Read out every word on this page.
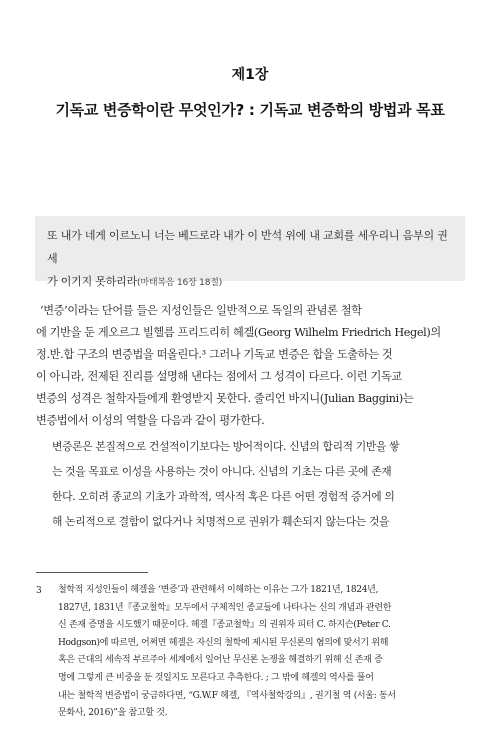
제1장
기독교 변증학이란 무엇인가? : 기독교 변증학의 방법과 목표

또 내가 네게 이르노니 너는 베드로라 내가 이 반석 위에 내 교회를 세우리니 음부의 권세

가 이기지 못하리라(마태복음 16장 18절)

‘변증’이라는 단어를 들은 지성인들은 일반적으로 독일의 관념론 철학

에 기반을 둔 게오르그 빌헬름 프리드리히 헤겔(Georg Wilhelm Friedrich Hegel)의

정.반.합 구조의 변증법을 떠올린다.³ 그러나 기독교 변증은 합을 도출하는 것

이 아니라, 전제된 진리를 설명해 낸다는 점에서 그 성격이 다르다. 이런 기독교

변증의 성격은 철학자들에게 환영받지 못한다. 줄리언 바지니(Julian Baggini)는

변증법에서 이성의 역할을 다음과 같이 평가한다.

변증론은 본질적으로 건설적이기보다는 방어적이다. 신념의 합리적 기반을 쌓

는 것을 목표로 이성을 사용하는 것이 아니다. 신념의 기초는 다른 곳에 존재

한다. 오히려 종교의 기초가 과학적, 역사적 혹은 다른 어떤 경험적 증거에 의

해 논리적으로 결함이 없다거나 치명적으로 권위가 훼손되지 않는다는 것을

3 철학적 지성인들이 헤겔을 ‘변증’과 관련해서 이해하는 이유는 그가 1821년, 1824년,

1827년, 1831년『종교철학』모두에서 구체적인 종교들에 나타나는 신의 개념과 관련한

신 존재 증명을 시도했기 때문이다. 헤겔『종교철학』의 권위자 피터 C. 하지슨(Peter C.

Hodgson)에 따르면, 어쩌면 헤겔은 자신의 철학에 제시된 무신론의 혐의에 맞서기 위해

혹은 근대의 세속적 부르주아 세계에서 일어난 무신론 논쟁을 해결하기 위해 신 존재 증

명에 그렇게 큰 비중을 둔 것일지도 모른다고 추측한다. ; 그 밖에 헤겔의 역사를 풀어

내는 철학적 변증법이 궁금하다면, “G.W.F 헤겔, 『역사철학강의』, 권기철 역 (서울: 동서

문화사, 2016)”을 참고할 것.
